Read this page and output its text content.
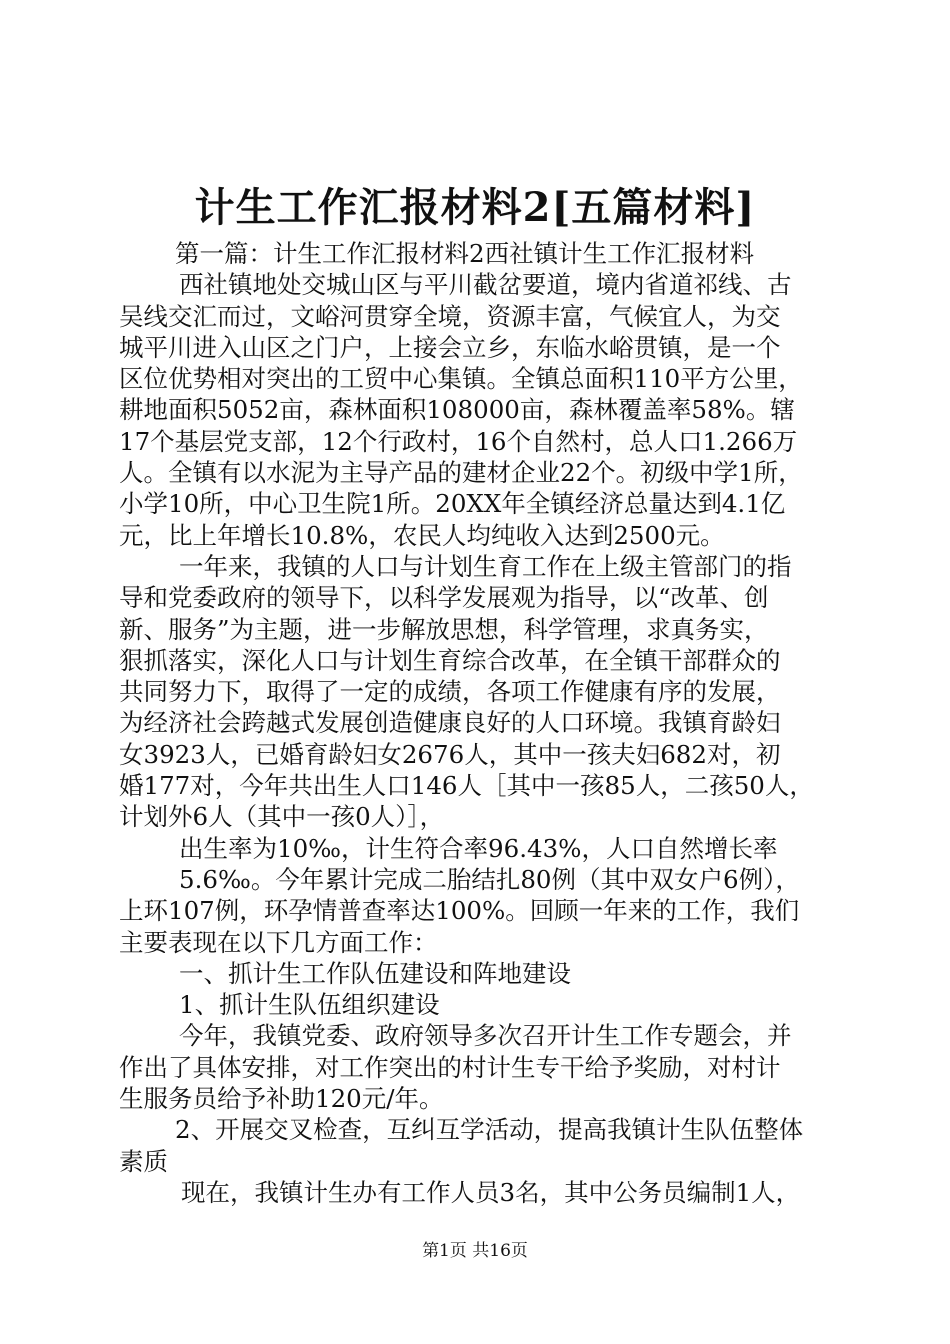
计生工作汇报材料2[五篇材料]
第一篇：计生工作汇报材料2西社镇计生工作汇报材料
西社镇地处交城山区与平川截岔要道，境内省道祁线、古
吴线交汇而过，文峪河贯穿全境，资源丰富，气候宜人，为交
城平川进入山区之门户，上接会立乡，东临水峪贯镇，是一个
区位优势相对突出的工贸中心集镇。全镇总面积110平方公里，
耕地面积5052亩，森林面积108000亩，森林覆盖率58%。辖
17个基层党支部，12个行政村，16个自然村，总人口1.266万
人。全镇有以水泥为主导产品的建材企业22个。初级中学1所，
小学10所，中心卫生院1所。20XX年全镇经济总量达到4.1亿
元，比上年增长10.8%，农民人均纯收入达到2500元。
一年来，我镇的人口与计划生育工作在上级主管部门的指
导和党委政府的领导下，以科学发展观为指导，以“改革、创
新、服务”为主题，进一步解放思想，科学管理，求真务实，
狠抓落实，深化人口与计划生育综合改革，在全镇干部群众的
共同努力下，取得了一定的成绩，各项工作健康有序的发展，
为经济社会跨越式发展创造健康良好的人口环境。我镇育龄妇
女3923人，已婚育龄妇女2676人，其中一孩夫妇682对，初
婚177对，今年共出生人口146人［其中一孩85人，二孩50人，
计划外6人（其中一孩0人）］，
出生率为10‰，计生符合率96.43%，人口自然增长率
5.6‰。今年累计完成二胎结扎80例（其中双女户6例），
上环107例，环孕情普查率达100%。回顾一年来的工作，我们
主要表现在以下几方面工作：
一、抓计生工作队伍建设和阵地建设
1、抓计生队伍组织建设
今年，我镇党委、政府领导多次召开计生工作专题会，并
作出了具体安排，对工作突出的村计生专干给予奖励，对村计
生服务员给予补助120元/年。
2、开展交叉检查，互纠互学活动，提高我镇计生队伍整体
素质
现在，我镇计生办有工作人员3名，其中公务员编制1人，
第1页 共16页
